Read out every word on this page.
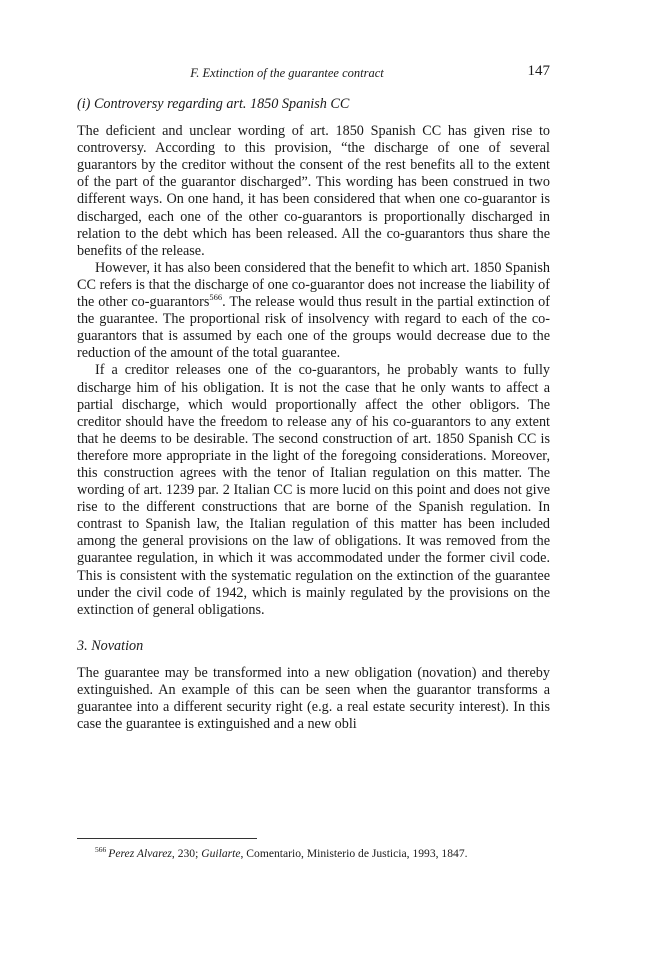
F. Extinction of the guarantee contract	147
(i) Controversy regarding art. 1850 Spanish CC

The deficient and unclear wording of art. 1850 Spanish CC has given rise to controversy. According to this provision, “the discharge of one of several guarantors by the creditor without the consent of the rest benefits all to the extent of the part of the guarantor discharged”. This wording has been construed in two different ways. On one hand, it has been considered that when one co-guarantor is discharged, each one of the other co-guarantors is proportionally discharged in relation to the debt which has been released. All the co-guarantors thus share the benefits of the release.

However, it has also been considered that the benefit to which art. 1850 Spanish CC refers is that the discharge of one co-guarantor does not increase the liability of the other co-guarantors$^{566}$. The release would thus result in the partial extinction of the guarantee. The proportional risk of insolvency with regard to each of the co-guarantors that is assumed by each one of the groups would decrease due to the reduction of the amount of the total guarantee.

If a creditor releases one of the co-guarantors, he probably wants to fully discharge him of his obligation. It is not the case that he only wants to affect a partial discharge, which would proportionally affect the other obligors. The creditor should have the freedom to release any of his co-guarantors to any extent that he deems to be desirable. The second construction of art. 1850 Spanish CC is therefore more appropriate in the light of the foregoing considerations. Moreover, this construction agrees with the tenor of Italian regulation on this matter. The wording of art. 1239 par. 2 Italian CC is more lucid on this point and does not give rise to the different constructions that are borne of the Spanish regulation. In contrast to Spanish law, the Italian regulation of this matter has been included among the general provisions on the law of obligations. It was removed from the guarantee regulation, in which it was accommodated under the former civil code. This is consistent with the systematic regulation on the extinction of the guarantee under the civil code of 1942, which is mainly regulated by the provisions on the extinction of general obligations.

3. Novation

The guarantee may be transformed into a new obligation (novation) and thereby extinguished. An example of this can be seen when the guarantor transforms a guarantee into a different security right (e.g. a real estate security interest). In this case the guarantee is extinguished and a new obli

$^{566}$ Perez Alvarez, 230; Guilarte, Comentario, Ministerio de Justicia, 1993, 1847.
